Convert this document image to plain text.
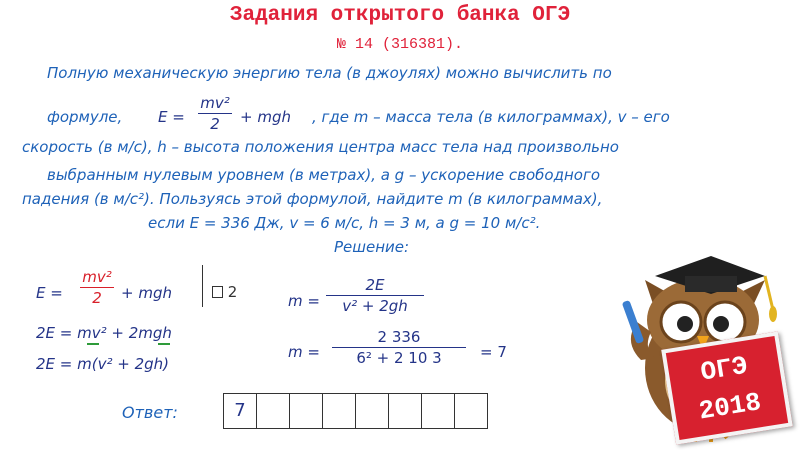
Задания открытого банка ОГЭ
№ 14 (316381).
Полную механическую энергию тела (в джоулях) можно вычислить по
формуле, E =
mv²
2	+ mgh , где m – масса тела (в килограммах), v – его
скорость (в м/с), h – высота положения центра масс тела над произвольно
выбранным нулевым уровнем (в метрах), а g – ускорение свободного
падения (в м/с²). Пользуясь этой формулой, найдите m (в килограммах),
если E = 336 Дж, v = 6 м/с, h = 3 м, а g = 10 м/с².
Решение:
E =
mv²
2	+ mgh	2
2E = mv² + 2mgh
2E = m(v² + 2gh)
m =
2E
v² + 2gh
m =
2 336
6² + 2 10 3	= 7
Ответ:	7
ОГЭ
2018
